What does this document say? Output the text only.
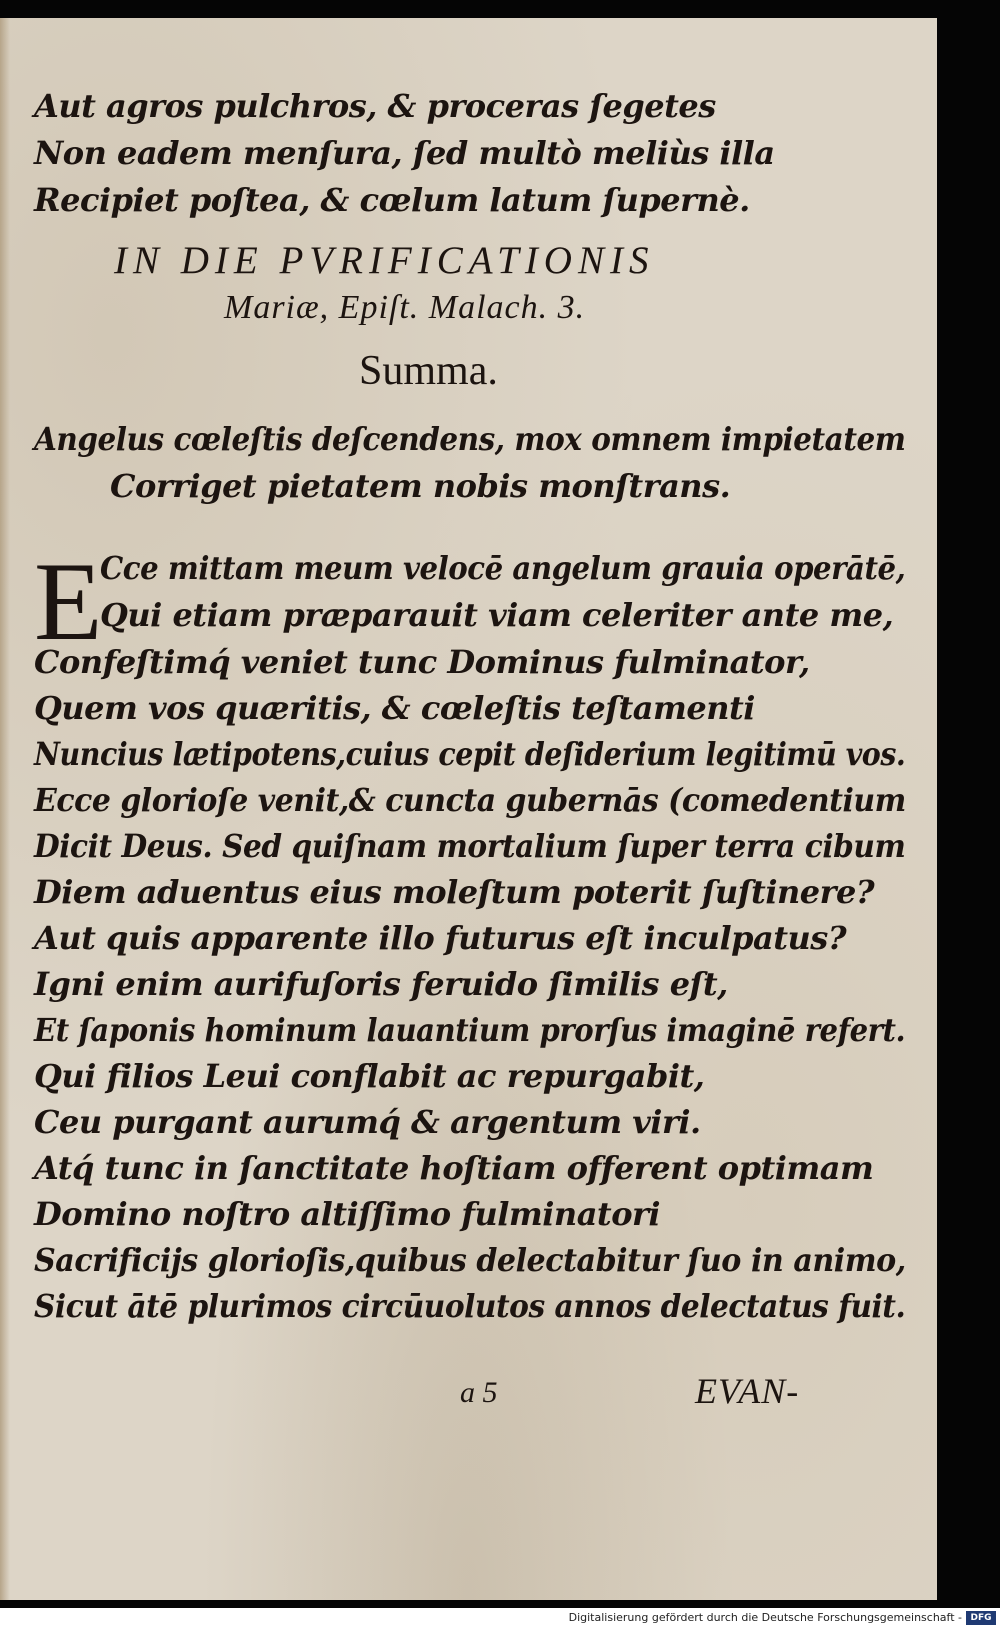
Aut agros pulchros, & proceras ſegetes
Non eadem menſura, ſed multò meliùs illa
Recipiet poſtea, & cœlum latum ſupernè.
IN DIE PVRIFICATIONIS
Mariæ, Epiſt. Malach. 3.
Summa.
Angelus cœleſtis deſcendens, mox omnem impietatem
Corriget pietatem nobis monſtrans.
E
Cce mittam meum velocē angelum grauia operātē,
Qui etiam præparauit viam celeriter ante me,
Confeſtimq́ veniet tunc Dominus fulminator,
Quem vos quæritis, & cœleſtis teſtamenti
Nuncius lætipotens,cuius cepit deſiderium legitimū vos.
Ecce glorioſe venit,& cuncta gubernās (comedentium
Dicit Deus. Sed quiſnam mortalium ſuper terra cibum
Diem aduentus eius moleſtum poterit ſuſtinere?
Aut quis apparente illo futurus eſt inculpatus?
Igni enim aurifuſoris feruido ſimilis eſt,
Et ſaponis hominum lauantium prorſus imaginē refert.
Qui filios Leui conflabit ac repurgabit,
Ceu purgant aurumq́ & argentum viri.
Atq́ tunc in ſanctitate hoſtiam offerent optimam
Domino noſtro altiſſimo fulminatori
Sacrificijs glorioſis,quibus delectabitur ſuo in animo,
Sicut ātē plurimos circūuolutos annos delectatus fuit.
a 5	EVAN-
Digitalisierung gefördert durch die Deutsche Forschungsgemeinschaft - DFG
